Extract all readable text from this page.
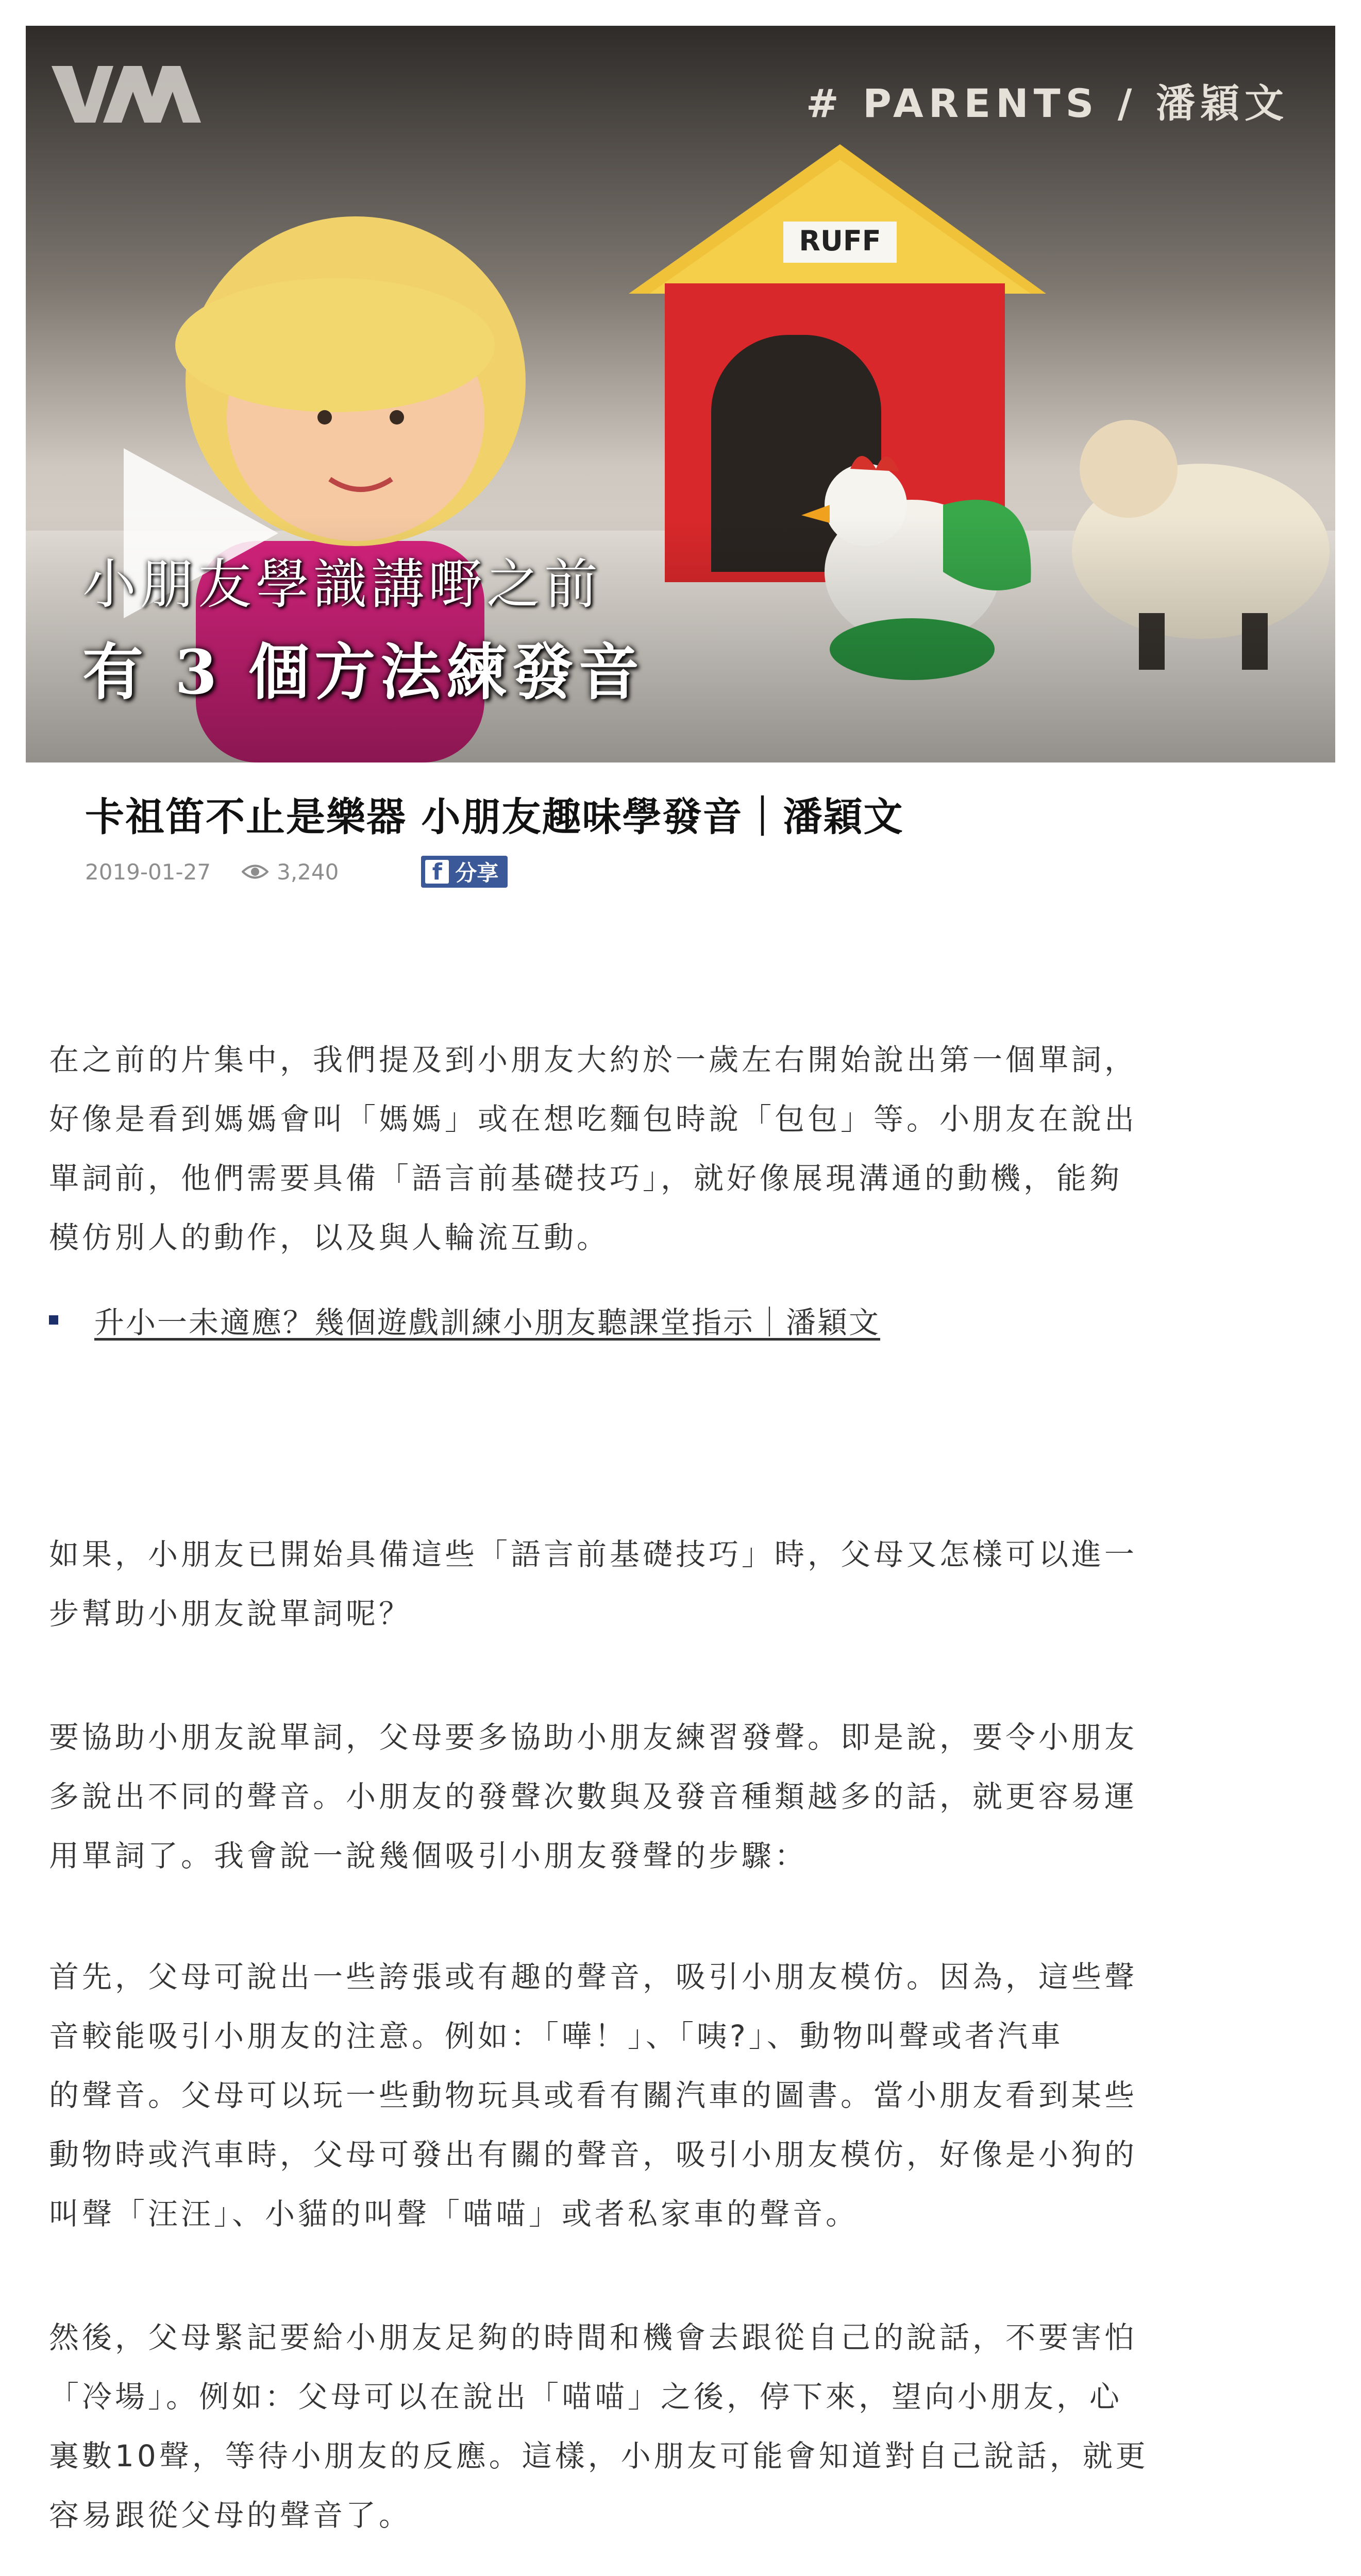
RUFF
# PARENTS / 潘穎文
小朋友學識講嘢之前
有 3 個方法練發音
卡祖笛不止是樂器 小朋友趣味學發音｜潘穎文
2019-01-27	3,240	f 分享

在之前的片集中，我們提及到小朋友大約於一歲左右開始說出第一個單詞，
好像是看到媽媽會叫「媽媽」或在想吃麵包時說「包包」等。小朋友在說出
單詞前，他們需要具備「語言前基礎技巧」，就好像展現溝通的動機，能夠
模仿別人的動作，以及與人輪流互動。

升小一未適應？幾個遊戲訓練小朋友聽課堂指示｜潘穎文

如果，小朋友已開始具備這些「語言前基礎技巧」時，父母又怎樣可以進一
步幫助小朋友說單詞呢？

要協助小朋友說單詞，父母要多協助小朋友練習發聲。即是說，要令小朋友
多說出不同的聲音。小朋友的發聲次數與及發音種類越多的話，就更容易運
用單詞了。我會說一說幾個吸引小朋友發聲的步驟：

首先，父母可說出一些誇張或有趣的聲音，吸引小朋友模仿。因為，這些聲
音較能吸引小朋友的注意。例如：「嘩！」、「咦?」、動物叫聲或者汽車
的聲音。父母可以玩一些動物玩具或看有關汽車的圖書。當小朋友看到某些
動物時或汽車時，父母可發出有關的聲音，吸引小朋友模仿，好像是小狗的
叫聲「汪汪」、小貓的叫聲「喵喵」或者私家車的聲音。

然後，父母緊記要給小朋友足夠的時間和機會去跟從自己的說話，不要害怕
「冷場」。例如：父母可以在說出「喵喵」之後，停下來，望向小朋友，心
裏數10聲，等待小朋友的反應。這樣，小朋友可能會知道對自己說話，就更
容易跟從父母的聲音了。
